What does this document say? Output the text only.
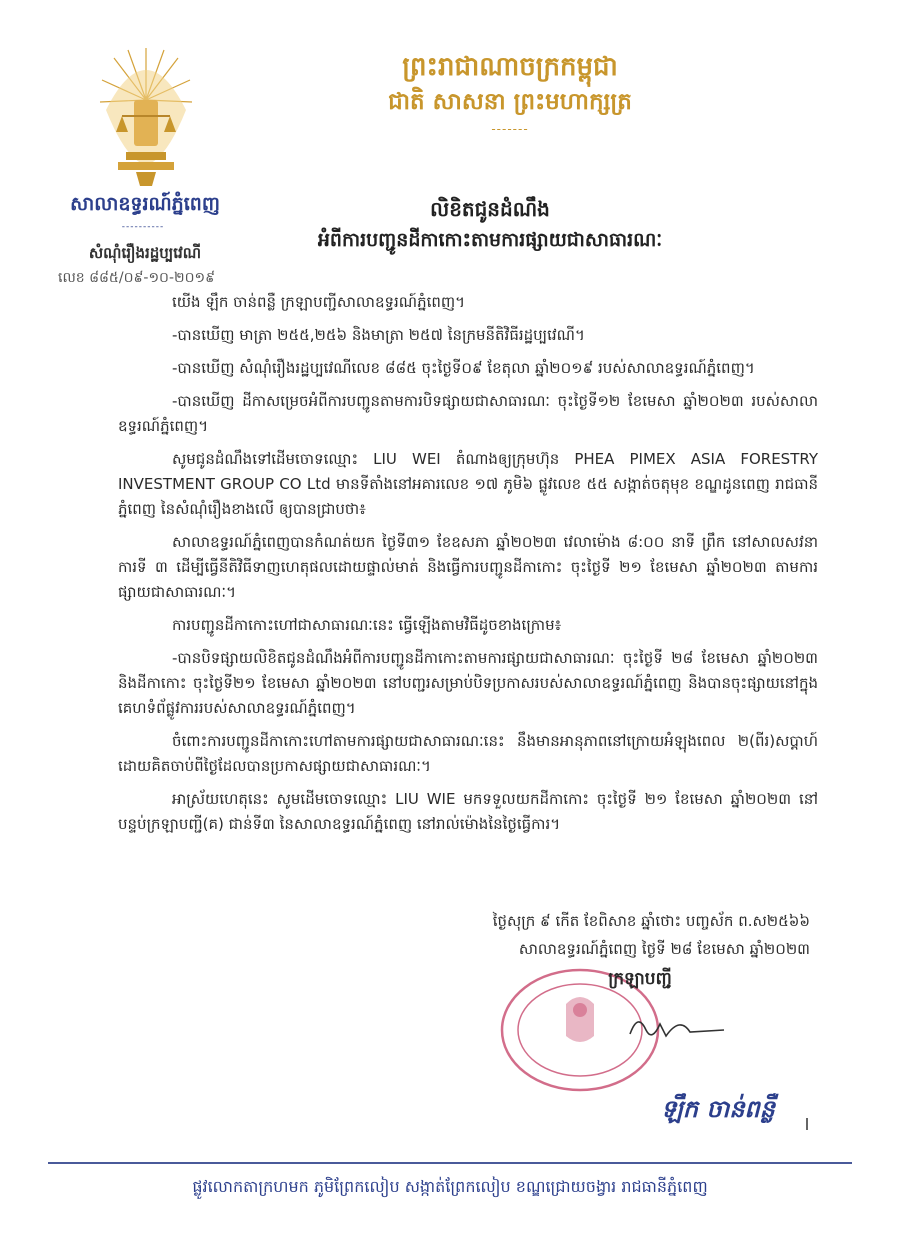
សាលាឧទ្ធរណ៍ភ្នំពេញ
----------
សំណុំរឿងរដ្ឋប្បវេណី
លេខ ៨៨៥/០៩-១០-២០១៩
ព្រះរាជាណាចក្រកម្ពុជា
ជាតិ សាសនា ព្រះមហាក្សត្រ
-------
លិខិតជូនដំណឹង
អំពីការបញ្ជូនដីកាកោះតាមការផ្សាយជាសាធារណៈ

យើង ឡឹក ចាន់ពន្លឺ ក្រឡាបញ្ជីសាលាឧទ្ធរណ៍ភ្នំពេញ។

-បានឃើញ មាត្រា ២៥៥,២៥៦ និងមាត្រា ២៥៧ នៃក្រមនីតិវិធីរដ្ឋប្បវេណី។

-បានឃើញ សំណុំរឿងរដ្ឋប្បវេណីលេខ ៨៨៥ ចុះថ្ងៃទី០៩ ខែតុលា ឆ្នាំ២០១៩ របស់សាលាឧទ្ធរណ៍ភ្នំពេញ។

-បានឃើញ ដីកាសម្រេចអំពីការបញ្ជូនតាមការបិទផ្សាយជាសាធារណៈ ចុះថ្ងៃទី១២ ខែមេសា ឆ្នាំ២០២៣ របស់សាលាឧទ្ធរណ៍ភ្នំពេញ។

សូមជូនដំណឹងទៅដើមចោទឈ្មោះ LIU WEI តំណាងឲ្យក្រុមហ៊ុន PHEA PIMEX ASIA FORESTRY INVESTMENT GROUP CO Ltd មានទីតាំងនៅអគារលេខ ១៧ ភូមិ៦ ផ្លូវលេខ ៥៥ សង្កាត់ចតុមុខ ខណ្ឌដូនពេញ រាជធានីភ្នំពេញ នៃសំណុំរឿងខាងលើ ឲ្យបានជ្រាបថា៖

សាលាឧទ្ធរណ៍ភ្នំពេញបានកំណត់យក ថ្ងៃទី៣១ ខែឧសភា ឆ្នាំ២០២៣ វេលាម៉ោង ៨:០០ នាទី ព្រឹក នៅសាលសវនាការទី ៣ ដើម្បីធ្វើនីតិវិធីទាញហេតុផលដោយផ្ទាល់មាត់ និងធ្វើការបញ្ជូនដីកាកោះ ចុះថ្ងៃទី ២១ ខែមេសា ឆ្នាំ២០២៣ តាមការផ្សាយជាសាធារណៈ។

ការបញ្ជូនដីកាកោះហៅជាសាធារណៈនេះ ធ្វើឡើងតាមវិធីដូចខាងក្រោម៖

-បានបិទផ្សាយលិខិតជូនដំណឹងអំពីការបញ្ជូនដីកាកោះតាមការផ្សាយជាសាធារណៈ ចុះថ្ងៃទី ២៨ ខែមេសា ឆ្នាំ២០២៣ និងដីកាកោះ ចុះថ្ងៃទី២១ ខែមេសា ឆ្នាំ២០២៣ នៅបញ្ជរសម្រាប់បិទប្រកាសរបស់សាលាឧទ្ធរណ៍ភ្នំពេញ និងបានចុះផ្សាយនៅក្នុងគេហទំព័ផ្លូវការរបស់សាលាឧទ្ធរណ៍ភ្នំពេញ។

ចំពោះការបញ្ជូនដីកាកោះហៅតាមការផ្សាយជាសាធារណៈនេះ នឹងមានអានុភាពនៅក្រោយអំឡុងពេល ២(ពីរ)សប្តាហ៍ ដោយគិតចាប់ពីថ្ងៃដែលបានប្រកាសផ្សាយជាសាធារណៈ។

អាស្រ័យហេតុនេះ សូមដើមចោទឈ្មោះ LIU WIE មកទទួលយកដីកាកោះ ចុះថ្ងៃទី ២១ ខែមេសា ឆ្នាំ២០២៣ នៅបន្ទប់ក្រឡាបញ្ជី(គ) ជាន់ទី៣ នៃសាលាឧទ្ធរណ៍ភ្នំពេញ នៅរាល់ម៉ោងនៃថ្ងៃធ្វើការ។

ថ្ងៃសុក្រ ៩ កើត ខែពិសាខ ឆ្នាំថោះ បញ្ចស័ក ព.ស២៥៦៦
សាលាឧទ្ធរណ៍ភ្នំពេញ ថ្ងៃទី ២៨ ខែមេសា ឆ្នាំ២០២៣
ក្រឡាបញ្ជី
ឡឹក ចាន់ពន្លឺ
ផ្លូវលោកតាក្រហមក ភូមិព្រែកលៀប សង្កាត់ព្រែកលៀប ខណ្ឌជ្រោយចង្វារ រាជធានីភ្នំពេញ
